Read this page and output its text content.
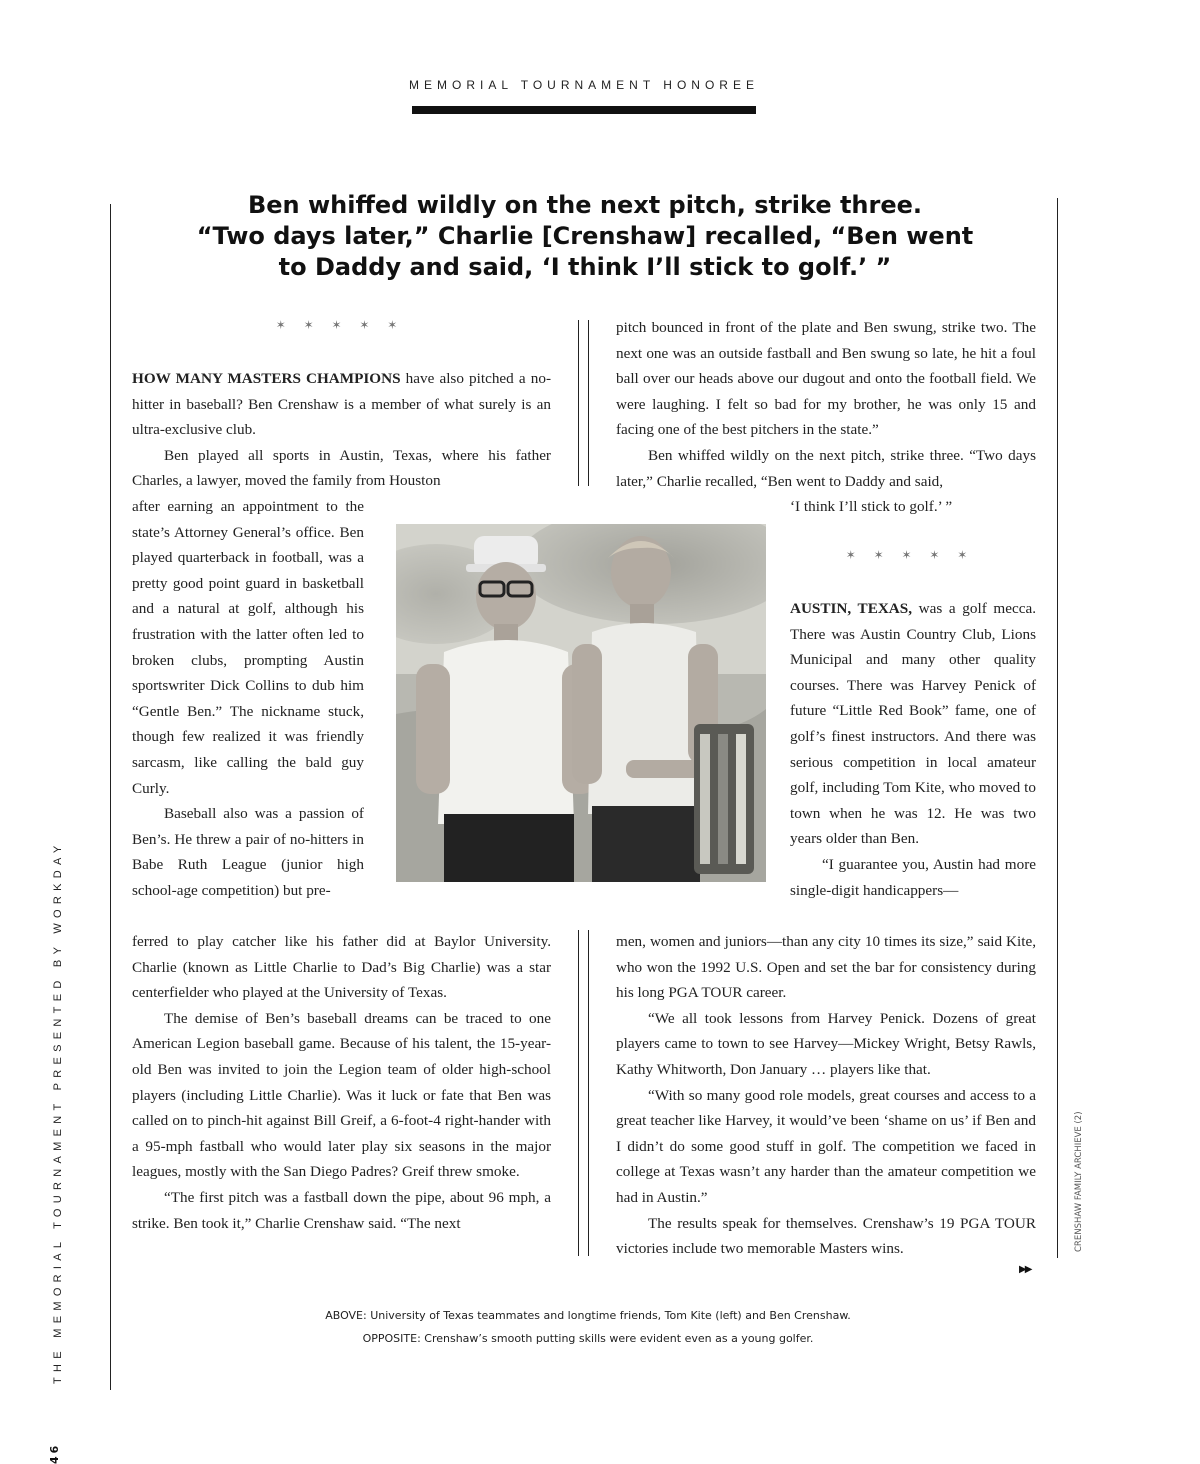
MEMORIAL TOURNAMENT HONOREE
Ben whiffed wildly on the next pitch, strike three.
“Two days later,” Charlie [Crenshaw] recalled, “Ben went
to Daddy and said, ‘I think I’ll stick to golf.’ ”
✶ ✶ ✶ ✶ ✶
✶ ✶ ✶ ✶ ✶

HOW MANY MASTERS CHAMPIONS have also pitched a no-hitter in baseball? Ben Crenshaw is a member of what surely is an ultra-exclusive club.

Ben played all sports in Austin, Texas, where his father Charles, a lawyer, moved the family from Houston

after earning an appointment to the state’s Attorney General’s office. Ben played quarterback in football, was a pretty good point guard in basketball and a natural at golf, although his frustration with the latter often led to broken clubs, prompting Austin sportswriter Dick Collins to dub him “Gentle Ben.” The nickname stuck, though few realized it was friendly sarcasm, like calling the bald guy Curly.

Baseball also was a passion of Ben’s. He threw a pair of no-hitters in Babe Ruth League (junior high school-age competition) but pre-

ferred to play catcher like his father did at Baylor University. Charlie (known as Little Charlie to Dad’s Big Charlie) was a star centerfielder who played at the University of Texas.

The demise of Ben’s baseball dreams can be traced to one American Legion baseball game. Because of his talent, the 15-year-old Ben was invited to join the Legion team of older high-school players (including Little Charlie). Was it luck or fate that Ben was called on to pinch-hit against Bill Greif, a 6-foot-4 right-hander with a 95-mph fastball who would later play six seasons in the major leagues, mostly with the San Diego Padres? Greif threw smoke.

“The first pitch was a fastball down the pipe, about 96 mph, a strike. Ben took it,” Charlie Crenshaw said. “The next

pitch bounced in front of the plate and Ben swung, strike two. The next one was an outside fastball and Ben swung so late, he hit a foul ball over our heads above our dugout and onto the football field. We were laughing. I felt so bad for my brother, he was only 15 and facing one of the best pitchers in the state.”

Ben whiffed wildly on the next pitch, strike three. “Two days later,” Charlie recalled, “Ben went to Daddy and said,

‘I think I’ll stick to golf.’ ”

AUSTIN, TEXAS, was a golf mecca. There was Austin Country Club, Lions Municipal and many other quality courses. There was Harvey Penick of future “Little Red Book” fame, one of golf’s finest instructors. And there was serious competition in local amateur golf, including Tom Kite, who moved to town when he was 12. He was two years older than Ben.

“I guarantee you, Austin had more single-digit handicappers—

men, women and juniors—than any city 10 times its size,” said Kite, who won the 1992 U.S. Open and set the bar for consistency during his long PGA TOUR career.

“We all took lessons from Harvey Penick. Dozens of great players came to town to see Harvey—Mickey Wright, Betsy Rawls, Kathy Whitworth, Don January … players like that.

“With so many good role models, great courses and access to a great teacher like Harvey, it would’ve been ‘shame on us’ if Ben and I didn’t do some good stuff in golf. The competition we faced in college at Texas wasn’t any harder than the amateur competition we had in Austin.”

The results speak for themselves. Crenshaw’s 19 PGA TOUR victories include two memorable Masters wins.

▶▶
ABOVE: University of Texas teammates and longtime friends, Tom Kite (left) and Ben Crenshaw.
OPPOSITE: Crenshaw’s smooth putting skills were evident even as a young golfer.
THE MEMORIAL TOURNAMENT PRESENTED BY WORKDAY	CRENSHAW FAMILY ARCHIEVE (2)
46
